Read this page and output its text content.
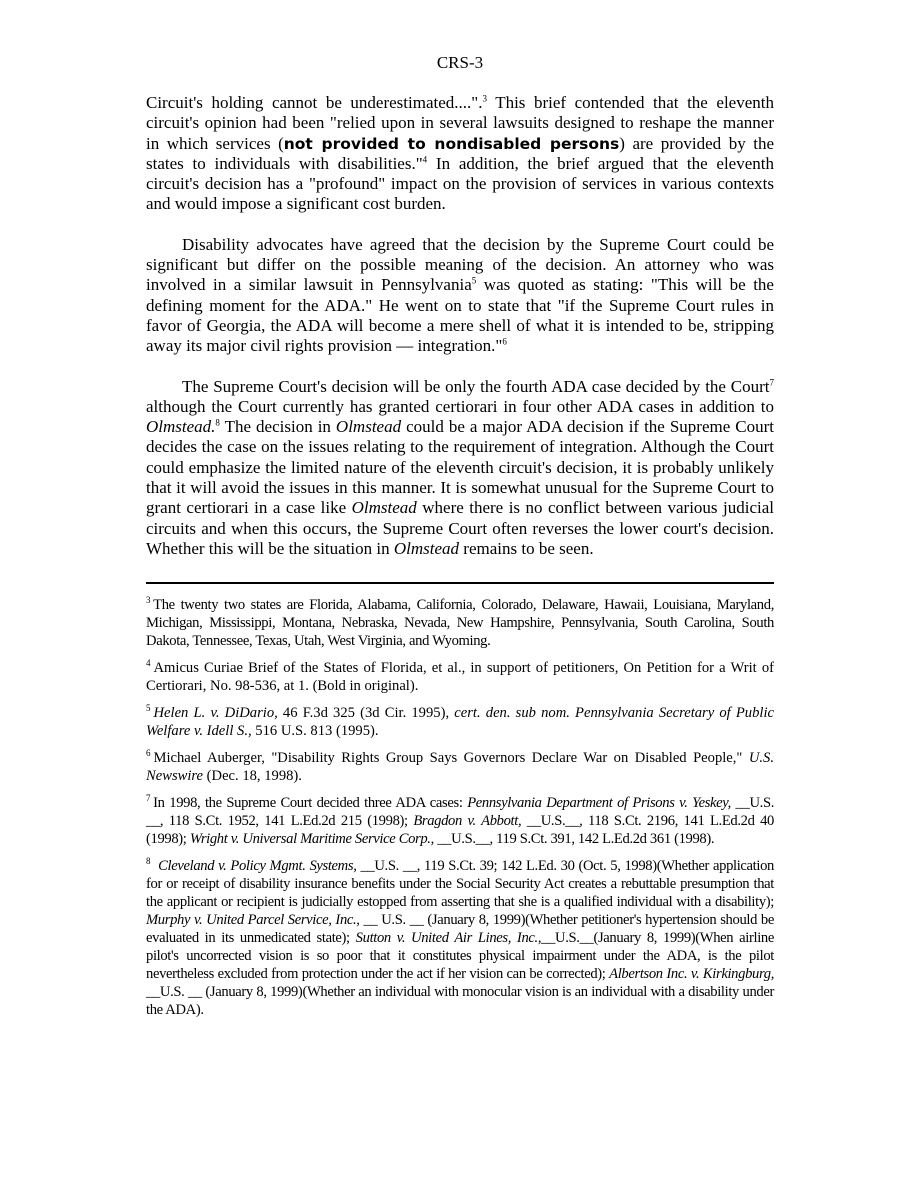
CRS-3

Circuit's holding cannot be underestimated....".$^3$ This brief contended that the eleventh circuit's opinion had been "relied upon in several lawsuits designed to reshape the manner in which services (not provided to nondisabled persons) are provided by the states to individuals with disabilities."$^4$ In addition, the brief argued that the eleventh circuit's decision has a "profound" impact on the provision of services in various contexts and would impose a significant cost burden.

Disability advocates have agreed that the decision by the Supreme Court could be significant but differ on the possible meaning of the decision. An attorney who was involved in a similar lawsuit in Pennsylvania$^5$ was quoted as stating: "This will be the defining moment for the ADA." He went on to state that "if the Supreme Court rules in favor of Georgia, the ADA will become a mere shell of what it is intended to be, stripping away its major civil rights provision — integration."$^6$

The Supreme Court's decision will be only the fourth ADA case decided by the Court$^7$ although the Court currently has granted certiorari in four other ADA cases in addition to Olmstead.$^8$ The decision in Olmstead could be a major ADA decision if the Supreme Court decides the case on the issues relating to the requirement of integration. Although the Court could emphasize the limited nature of the eleventh circuit's decision, it is probably unlikely that it will avoid the issues in this manner. It is somewhat unusual for the Supreme Court to grant certiorari in a case like Olmstead where there is no conflict between various judicial circuits and when this occurs, the Supreme Court often reverses the lower court's decision. Whether this will be the situation in Olmstead remains to be seen.

$^3$ The twenty two states are Florida, Alabama, California, Colorado, Delaware, Hawaii, Louisiana, Maryland, Michigan, Mississippi, Montana, Nebraska, Nevada, New Hampshire, Pennsylvania, South Carolina, South Dakota, Tennessee, Texas, Utah, West Virginia, and Wyoming.

$^4$ Amicus Curiae Brief of the States of Florida, et al., in support of petitioners, On Petition for a Writ of Certiorari, No. 98-536, at 1. (Bold in original).

$^5$ Helen L. v. DiDario, 46 F.3d 325 (3d Cir. 1995), cert. den. sub nom. Pennsylvania Secretary of Public Welfare v. Idell S., 516 U.S. 813 (1995).

$^6$ Michael Auberger, "Disability Rights Group Says Governors Declare War on Disabled People," U.S. Newswire (Dec. 18, 1998).

$^7$ In 1998, the Supreme Court decided three ADA cases: Pennsylvania Department of Prisons v. Yeskey, __U.S. __, 118 S.Ct. 1952, 141 L.Ed.2d 215 (1998); Bragdon v. Abbott, __U.S.__, 118 S.Ct. 2196, 141 L.Ed.2d 40 (1998); Wright v. Universal Maritime Service Corp., __U.S.__, 119 S.Ct. 391, 142 L.Ed.2d 361 (1998).

$^8$ Cleveland v. Policy Mgmt. Systems, __U.S. __, 119 S.Ct. 39; 142 L.Ed. 30 (Oct. 5, 1998)(Whether application for or receipt of disability insurance benefits under the Social Security Act creates a rebuttable presumption that the applicant or recipient is judicially estopped from asserting that she is a qualified individual with a disability); Murphy v. United Parcel Service, Inc., __ U.S. __ (January 8, 1999)(Whether petitioner's hypertension should be evaluated in its unmedicated state); Sutton v. United Air Lines, Inc.,__U.S.__(January 8, 1999)(When airline pilot's uncorrected vision is so poor that it constitutes physical impairment under the ADA, is the pilot nevertheless excluded from protection under the act if her vision can be corrected); Albertson Inc. v. Kirkingburg, __U.S. __ (January 8, 1999)(Whether an individual with monocular vision is an individual with a disability under the ADA).
